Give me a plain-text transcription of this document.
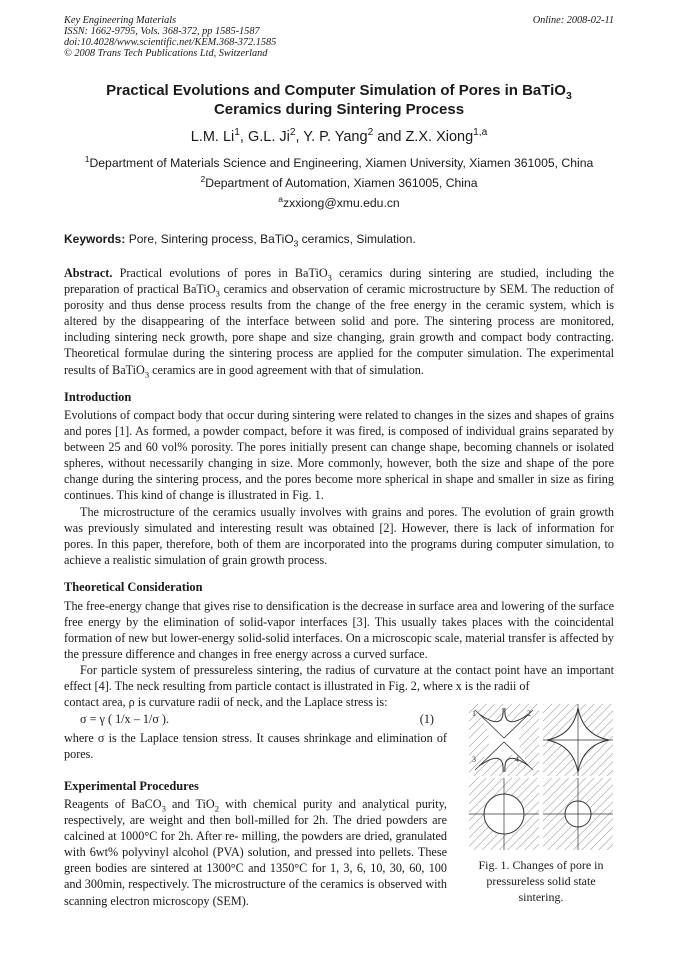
Key Engineering Materials
ISSN: 1662-9795, Vols. 368-372, pp 1585-1587
doi:10.4028/www.scientific.net/KEM.368-372.1585
© 2008 Trans Tech Publications Ltd, Switzerland
Online: 2008-02-11
Practical Evolutions and Computer Simulation of Pores in BaTiO$_3$
Ceramics during Sintering Process
L.M. Li$^1$, G.L. Ji$^2$, Y. P. Yang$^2$ and Z.X. Xiong$^{1,a}$
$^1$Department of Materials Science and Engineering, Xiamen University, Xiamen 361005, China
$^2$Department of Automation, Xiamen 361005, China
$^a$zxxiong@xmu.edu.cn
Keywords: Pore, Sintering process, BaTiO$_3$ ceramics, Simulation.

Abstract. Practical evolutions of pores in BaTiO$_3$ ceramics during sintering are studied, including the preparation of practical BaTiO$_3$ ceramics and observation of ceramic microstructure by SEM. The reduction of porosity and thus dense process results from the change of the free energy in the ceramic system, which is altered by the disappearing of the interface between solid and pore. The sintering process are monitored, including sintering neck growth, pore shape and size changing, grain growth and compact body contracting. Theoretical formulae during the sintering process are applied for the computer simulation. The experimental results of BaTiO$_3$ ceramics are in good agreement with that of simulation.

Introduction

Evolutions of compact body that occur during sintering were related to changes in the sizes and shapes of grains and pores [1]. As formed, a powder compact, before it was fired, is composed of individual grains separated by between 25 and 60 vol% porosity. The pores initially present can change shape, becoming channels or isolated spheres, without necessarily changing in size. More commonly, however, both the size and shape of the pore change during the sintering process, and the pores become more spherical in shape and smaller in size as firing continues. This kind of change is illustrated in Fig. 1.

The microstructure of the ceramics usually involves with grains and pores. The evolution of grain growth was previously simulated and interesting result was obtained [2]. However, there is lack of information for pores. In this paper, therefore, both of them are incorporated into the programs during computer simulation, to achieve a realistic simulation of grain growth process.

Theoretical Consideration

The free-energy change that gives rise to densification is the decrease in surface area and lowering of the surface free energy by the elimination of solid-vapor interfaces [3]. This usually takes places with the coincidental formation of new but lower-energy solid-solid interfaces. On a microscopic scale, material transfer is affected by the pressure difference and changes in free energy across a curved surface.

For particle system of pressureless sintering, the radius of curvature at the contact point have an important effect [4]. The neck resulting from particle contact is illustrated in Fig. 2, where x is the radii of

contact area, ρ is curvature radii of neck, and the Laplace stress is:

σ = γ ( 1/x – 1/σ ).	(1)

where σ is the Laplace tension stress. It causes shrinkage and elimination of pores.

Experimental Procedures

Reagents of BaCO$_3$ and TiO$_2$ with chemical purity and analytical purity, respectively, are weight and then boll-milled for 2h. The dried powders are calcined at 1000°C for 2h. After re- milling, the powders are dried, granulated with 6wt% polyvinyl alcohol (PVA) solution, and pressed into pellets. These green bodies are sintered at 1300°C and 1350°C for 1, 3, 6, 10, 30, 60, 100 and 300min, respectively. The microstructure of the ceramics is observed with scanning electron microscopy (SEM).

1	2
3	4
Fig. 1. Changes of pore in pressureless solid state sintering.
